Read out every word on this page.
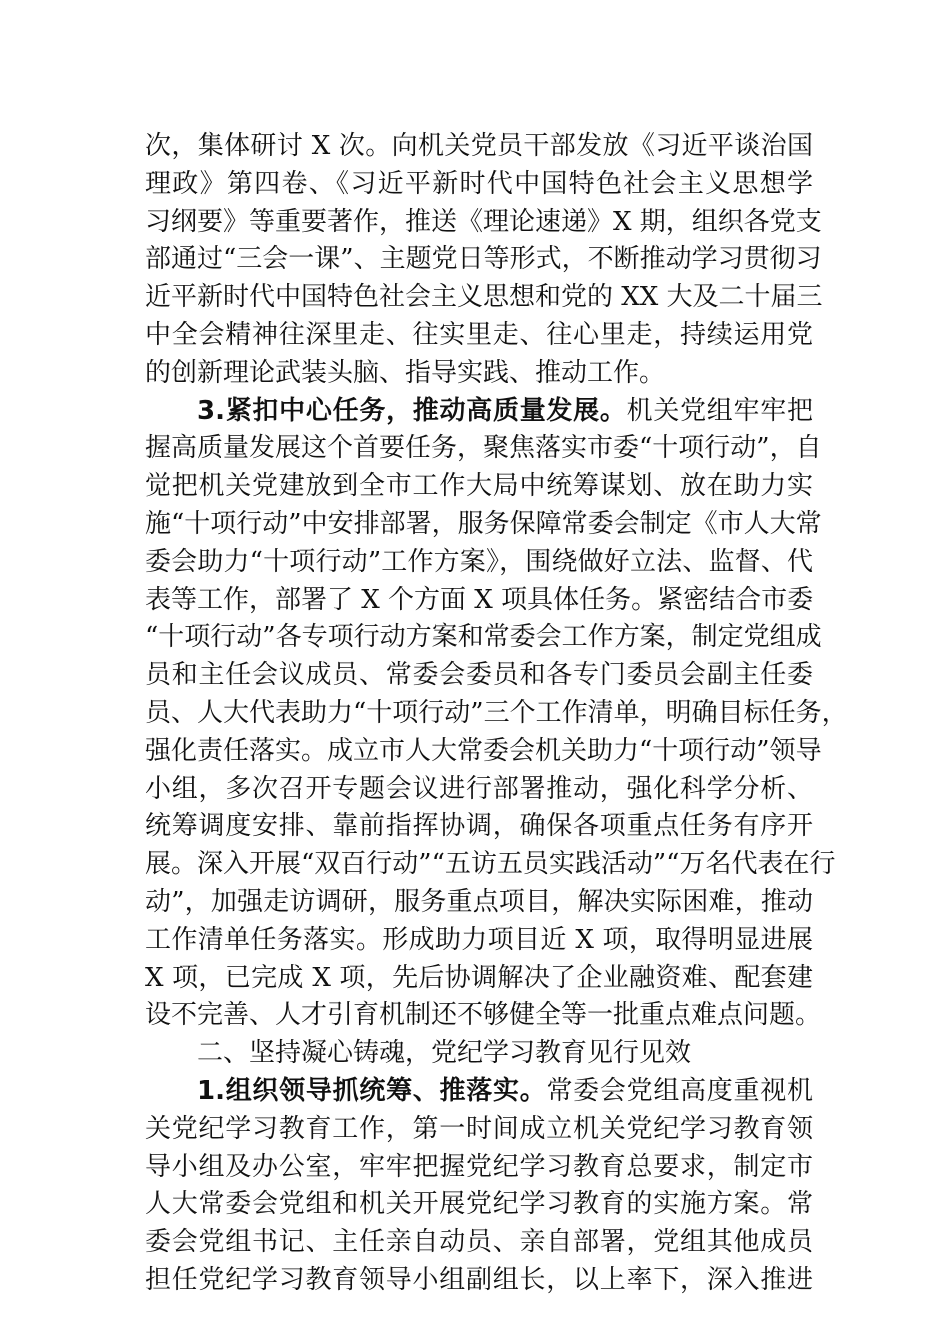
次，集体研讨 X 次。向机关党员干部发放《习近平谈治国
理政》第四卷、《习近平新时代中国特色社会主义思想学
习纲要》等重要著作，推送《理论速递》X 期，组织各党支
部通过“三会一课”、主题党日等形式，不断推动学习贯彻习
近平新时代中国特色社会主义思想和党的 XX 大及二十届三
中全会精神往深里走、往实里走、往心里走，持续运用党
的创新理论武装头脑、指导实践、推动工作。
3.紧扣中心任务，推动高质量发展。机关党组牢牢把
握高质量发展这个首要任务，聚焦落实市委“十项行动”，自
觉把机关党建放到全市工作大局中统筹谋划、放在助力实
施“十项行动”中安排部署，服务保障常委会制定《市人大常
委会助力“十项行动”工作方案》，围绕做好立法、监督、代
表等工作，部署了 X 个方面 X 项具体任务。紧密结合市委
“十项行动”各专项行动方案和常委会工作方案，制定党组成
员和主任会议成员、常委会委员和各专门委员会副主任委
员、人大代表助力“十项行动”三个工作清单，明确目标任务，
强化责任落实。成立市人大常委会机关助力“十项行动”领导
小组，多次召开专题会议进行部署推动，强化科学分析、
统筹调度安排、靠前指挥协调，确保各项重点任务有序开
展。深入开展“双百行动”“五访五员实践活动”“万名代表在行
动”，加强走访调研，服务重点项目，解决实际困难，推动
工作清单任务落实。形成助力项目近 X 项，取得明显进展
X 项，已完成 X 项，先后协调解决了企业融资难、配套建
设不完善、人才引育机制还不够健全等一批重点难点问题。
二、坚持凝心铸魂，党纪学习教育见行见效
1.组织领导抓统筹、推落实。常委会党组高度重视机
关党纪学习教育工作，第一时间成立机关党纪学习教育领
导小组及办公室，牢牢把握党纪学习教育总要求，制定市
人大常委会党组和机关开展党纪学习教育的实施方案。常
委会党组书记、主任亲自动员、亲自部署，党组其他成员
担任党纪学习教育领导小组副组长，以上率下，深入推进
